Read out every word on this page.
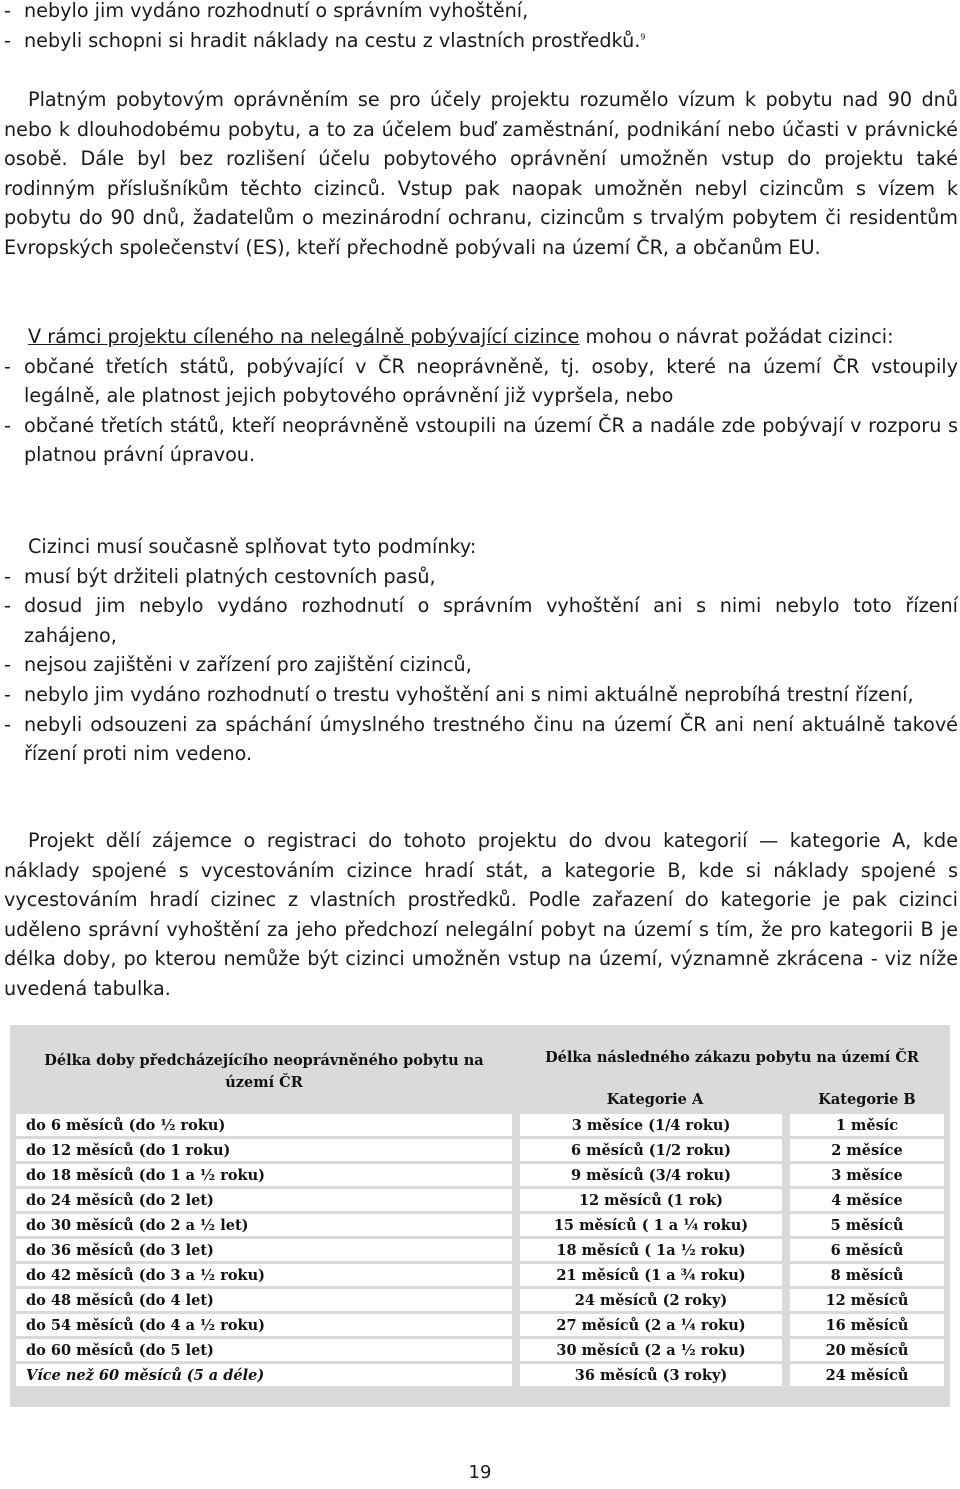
- nebylo jim vydáno rozhodnutí o správním vyhoštění,
- nebyli schopni si hradit náklady na cestu z vlastních prostředků.$^9$

Platným pobytovým oprávněním se pro účely projektu rozumělo vízum k pobytu nad 90 dnů nebo k dlouhodobému pobytu, a to za účelem buď zaměstnání, podnikání nebo účasti v právnické osobě. Dále byl bez rozlišení účelu pobytového oprávnění umožněn vstup do projektu také rodinným příslušníkům těchto cizinců. Vstup pak naopak umožněn nebyl cizincům s vízem k pobytu do 90 dnů, žadatelům o mezinárodní ochranu, cizincům s trvalým pobytem či residentům Evropských společenství (ES), kteří přechodně pobývali na území ČR, a občanům EU.

V rámci projektu cíleného na nelegálně pobývající cizince mohou o návrat požádat cizinci:

- občané třetích států, pobývající v ČR neoprávněně, tj. osoby, které na území ČR vstoupily legálně, ale platnost jejich pobytového oprávnění již vypršela, nebo
- občané třetích států, kteří neoprávněně vstoupili na území ČR a nadále zde pobývají v rozporu s platnou právní úpravou.

Cizinci musí současně splňovat tyto podmínky:

- musí být držiteli platných cestovních pasů,
- dosud jim nebylo vydáno rozhodnutí o správním vyhoštění ani s nimi nebylo toto řízení zahájeno,
- nejsou zajištěni v zařízení pro zajištění cizinců,
- nebylo jim vydáno rozhodnutí o trestu vyhoštění ani s nimi aktuálně neprobíhá trestní řízení,
- nebyli odsouzeni za spáchání úmyslného trestného činu na území ČR ani není aktuálně takové řízení proti nim vedeno.

Projekt dělí zájemce o registraci do tohoto projektu do dvou kategorií — kategorie A, kde náklady spojené s vycestováním cizince hradí stát, a kategorie B, kde si náklady spojené s vycestováním hradí cizinec z vlastních prostředků. Podle zařazení do kategorie je pak cizinci uděleno správní vyhoštění za jeho předchozí nelegální pobyt na území s tím, že pro kategorii B je délka doby, po kterou nemůže být cizinci umožněn vstup na území, významně zkrácena - viz níže uvedená tabulka.

Délka doby předcházejícího neoprávněného pobytu na území ČR	Délka následného zákazu pobytu na území ČR	
	Kategorie A	Kategorie B
do 6 měsíců (do ½ roku)	3 měsíce (1/4 roku)	1 měsíc
do 12 měsíců (do 1 roku)	6 měsíců (1/2 roku)	2 měsíce
do 18 měsíců (do 1 a ½ roku)	9 měsíců (3/4 roku)	3 měsíce
do 24 měsíců (do 2 let)	12 měsíců (1 rok)	4 měsíce
do 30 měsíců (do 2 a ½ let)	15 měsíců ( 1 a ¼ roku)	5 měsíců
do 36 měsíců (do 3 let)	18 měsíců ( 1a ½ roku)	6 měsíců
do 42 měsíců (do 3 a ½ roku)	21 měsíců (1 a ¾ roku)	8 měsíců
do 48 měsíců (do 4 let)	24 měsíců (2 roky)	12 měsíců
do 54 měsíců (do 4 a ½ roku)	27 měsíců (2 a ¼ roku)	16 měsíců
do 60 měsíců (do 5 let)	30 měsíců (2 a ½ roku)	20 měsíců
Více než 60 měsíců (5 a déle)	36 měsíců (3 roky)	24 měsíců
19
